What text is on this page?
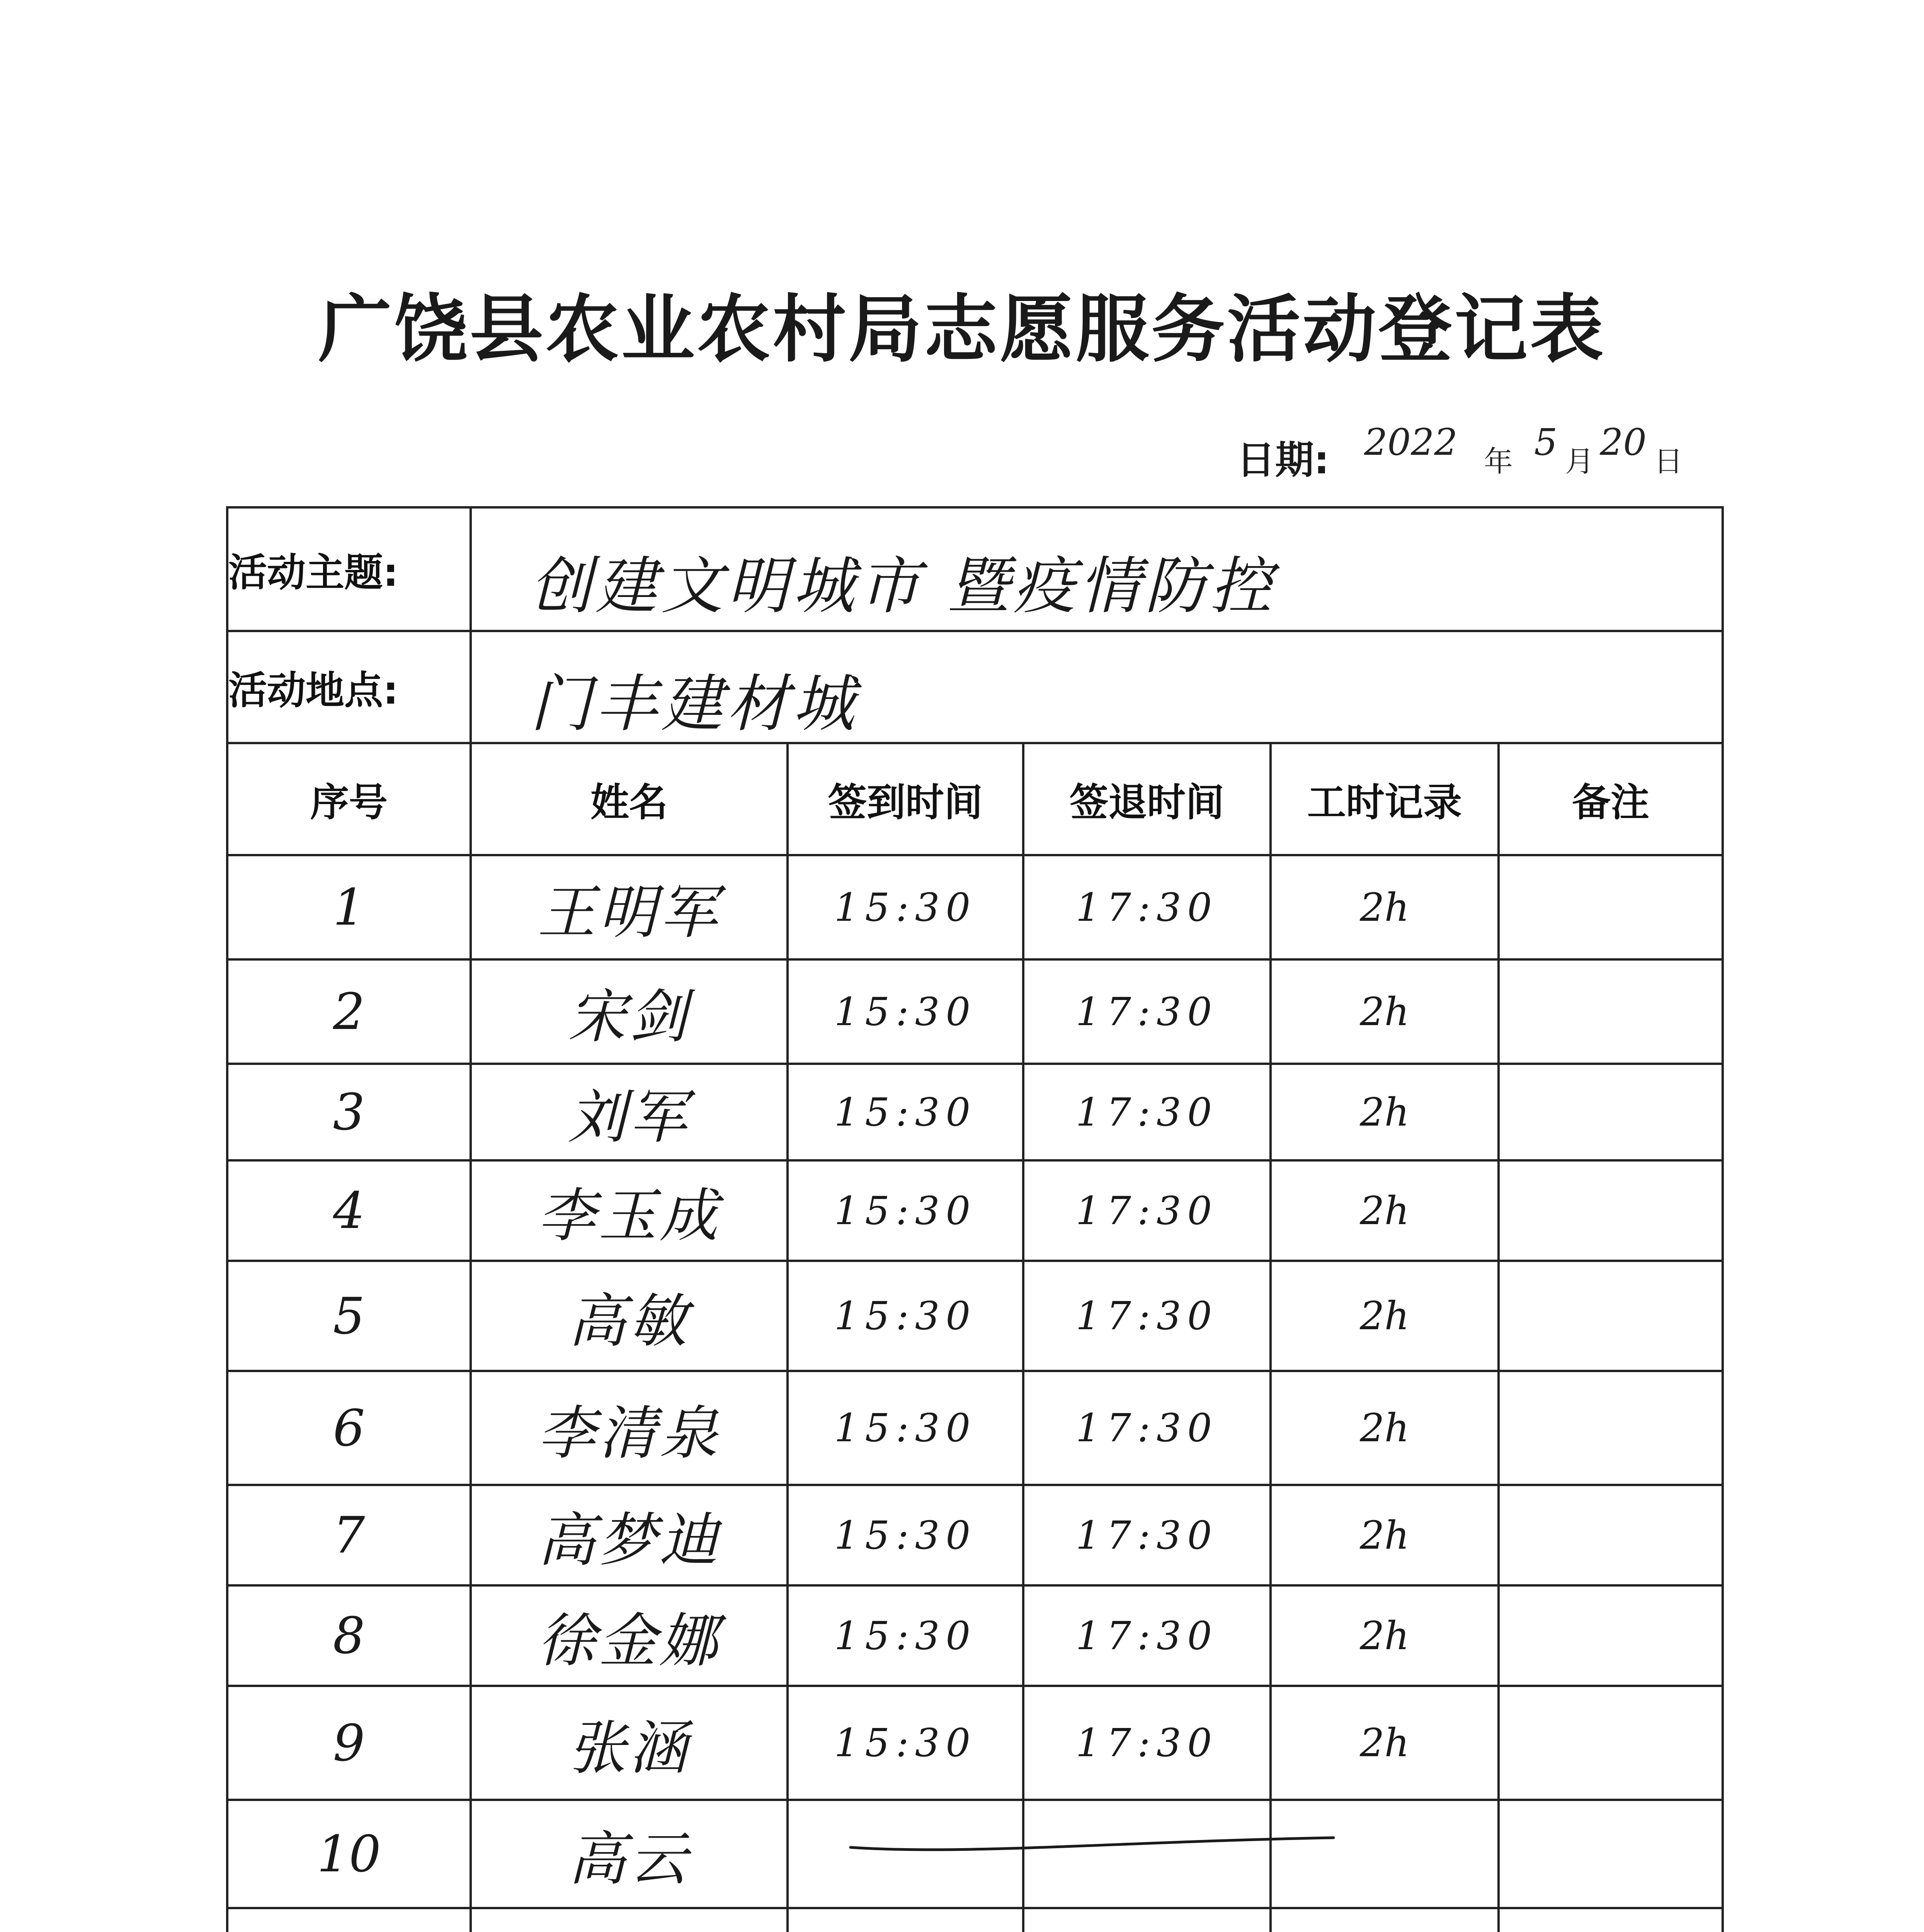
广饶县农业农村局志愿服务活动登记表
日期: 2022 年 5 月 20 日
活动主题:	创建文明城市 暨疫情防控				
活动地点:	门丰建材城				
序号	姓名	签到时间	签退时间	工时记录	备注
1	王明军	15:30	17:30	2h	
2	宋剑	15:30	17:30	2h	
3	刘军	15:30	17:30	2h	
4	李玉成	15:30	17:30	2h	
5	高敏	15:30	17:30	2h	
6	李清泉	15:30	17:30	2h	
7	高梦迪	15:30	17:30	2h	
8	徐金娜	15:30	17:30	2h	
9	张涵	15:30	17:30	2h	
10	高云	
